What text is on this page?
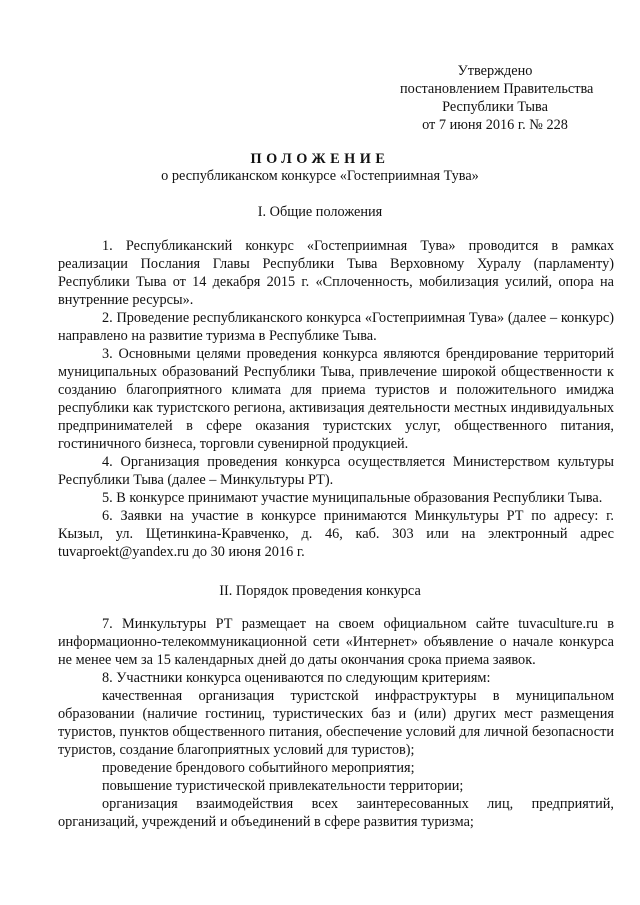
Утверждено
постановлением Правительства
Республики Тыва
от 7 июня 2016 г. № 228
ПОЛОЖЕНИЕ
о республиканском конкурсе «Гостеприимная Тува»
I. Общие положения

1. Республиканский конкурс «Гостеприимная Тува» проводится в рамках реализации Послания Главы Республики Тыва Верховному Хуралу (парламенту) Республики Тыва от 14 декабря 2015 г. «Сплоченность, мобилизация усилий, опора на внутренние ресурсы».

2. Проведение республиканского конкурса «Гостеприимная Тува» (далее – конкурс) направлено на развитие туризма в Республике Тыва.

3. Основными целями проведения конкурса являются брендирование территорий муниципальных образований Республики Тыва, привлечение широкой общественности к созданию благоприятного климата для приема туристов и положительного имиджа республики как туристского региона, активизация деятельности местных индивидуальных предпринимателей в сфере оказания туристских услуг, общественного питания, гостиничного бизнеса, торговли сувенирной продукцией.

4. Организация проведения конкурса осуществляется Министерством культуры Республики Тыва (далее – Минкультуры РТ).

5. В конкурсе принимают участие муниципальные образования Республики Тыва.

6. Заявки на участие в конкурсе принимаются Минкультуры РТ по адресу: г. Кызыл, ул. Щетинкина-Кравченко, д. 46, каб. 303 или на электронный адрес tuvaproekt@yandex.ru до 30 июня 2016 г.

II. Порядок проведения конкурса

7. Минкультуры РТ размещает на своем официальном сайте tuvaculture.ru в информационно-телекоммуникационной сети «Интернет» объявление о начале конкурса не менее чем за 15 календарных дней до даты окончания срока приема заявок.

8. Участники конкурса оцениваются по следующим критериям:

качественная организация туристской инфраструктуры в муниципальном образовании (наличие гостиниц, туристических баз и (или) других мест размещения туристов, пунктов общественного питания, обеспечение условий для личной безопасности туристов, создание благоприятных условий для туристов);

проведение брендового событийного мероприятия;

повышение туристической привлекательности территории;

организация взаимодействия всех заинтересованных лиц, предприятий, организаций, учреждений и объединений в сфере развития туризма;
